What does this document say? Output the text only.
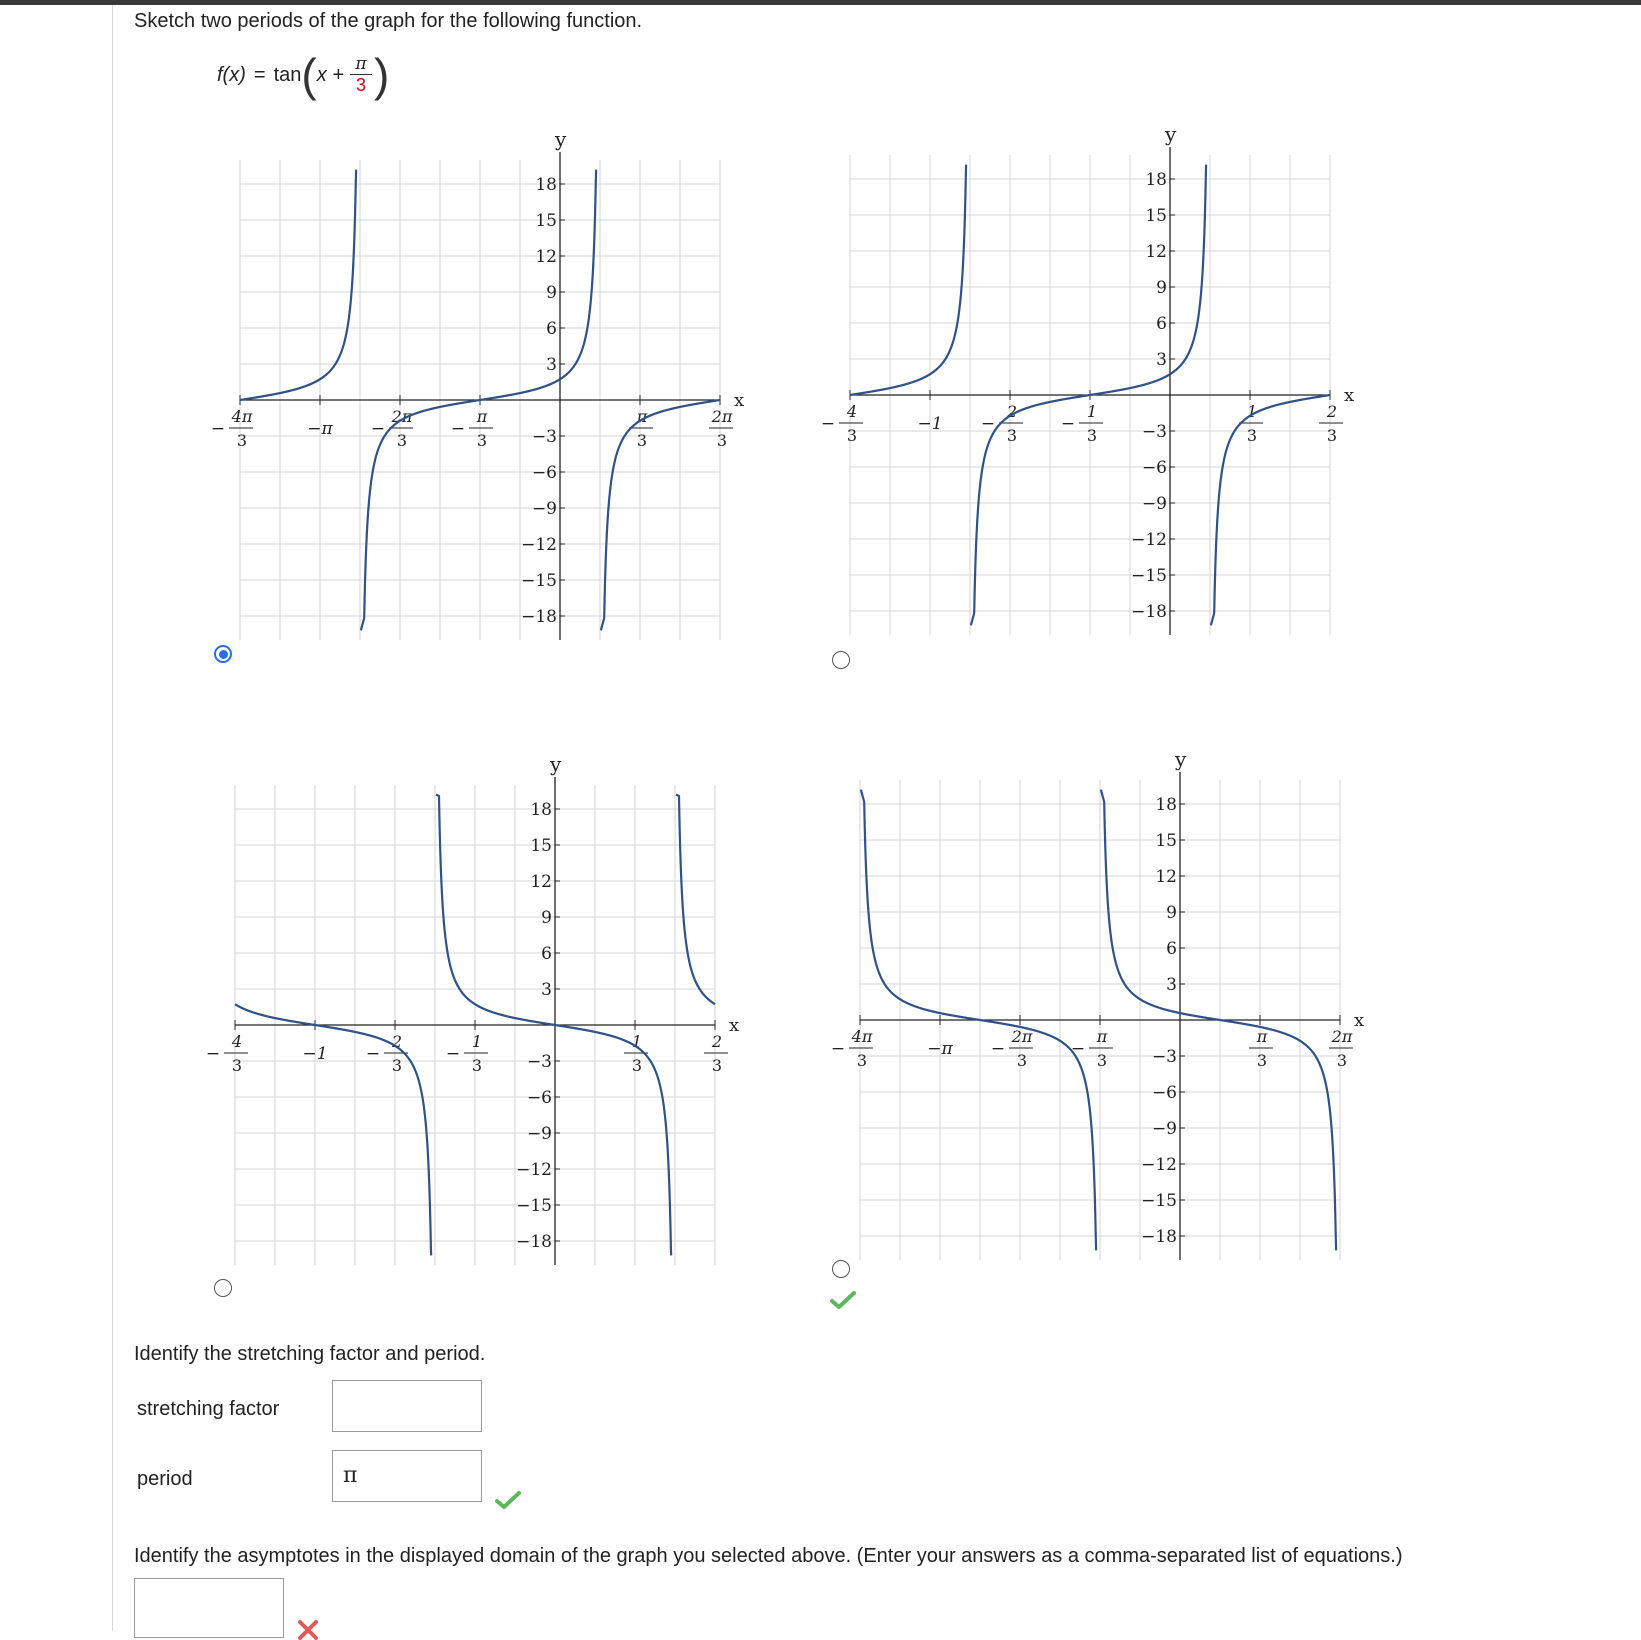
Sketch two periods of the graph for the following function.
f(x) = tan ( $x + \frac{\pi}{3}$ )
x
y
18
15
12
9
6
3
−3
−6
−9
−12
−15
−18
−
4π
3
−π −
2π
3
−
π
3
π
3
2π
3
x
y
18
15
12
9
6
3
−3
−6
−9
−12
−15
−18
−
4
3
−1 −
2
3
−
1
3
1
3
2
3
x
y
18
15
12
9
6
3
−3
−6
−9
−12
−15
−18
−
4
3
−1 −
2
3
−
1
3
1
3
2
3
x
y
18
15
12
9
6
3
−3
−6
−9
−12
−15
−18
−
4π
3
−π −
2π
3
−
π
3
π
3
2π
3
Identify the stretching factor and period.
stretching factor
period	π
Identify the asymptotes in the displayed domain of the graph you selected above. (Enter your answers as a comma-separated list of equations.)
